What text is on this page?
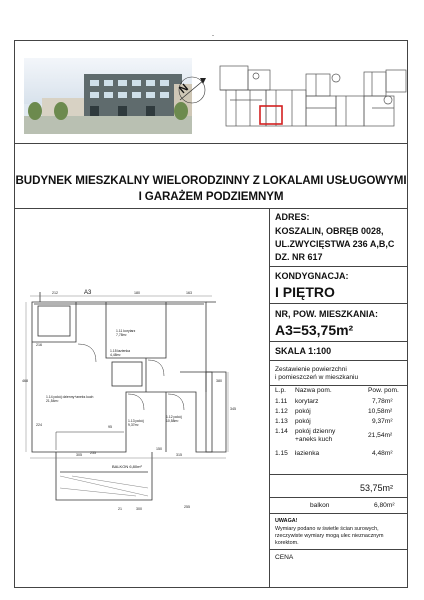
-
N
BUDYNEK MIESZKALNY WIELORODZINNY Z LOKALAMI USŁUGOWYMI
I GARAŻEM PODZIEMNYM
ADRES:
KOSZALIN, OBRĘB 0028,
UL.ZWYCIĘSTWA 236 A,B,C
DZ. NR 617
KONDYGNACJA:
I PIĘTRO
NR, POW. MIESZKANIA:
A3=53,75m²
SKALA 1:100
Zestawienie powierzchni
i pomieszczeń w mieszkaniu
L.p. Nazwa pom.	Pow. pom.
1.11 korytarz	7,78m²
1.12 pokój	10,58m²
1.13 pokój	9,37m²
1.14 pokój dzienny
+aneks kuch
21,54m²
1.15 łazienka	4,48m²
53,75m²
balkon	6,80m²
UWAGA!
Wymiary podano w świetle ścian surowych,
rzeczywiste wymiary mogą ulec nieznacznym
korektom.
CENA
A3
1.11 korytarz
7,78m²
1.12 pokój
10,58m²
1.13 pokój
9,37m²
1.14 pokój dzienny+aneks kuch
21,54m²
1.15 łazienka
4,48m²
BALKON 6,80m²
212	180	163
216
468
345
380
224	95
150
305	315
235
21	300	255
